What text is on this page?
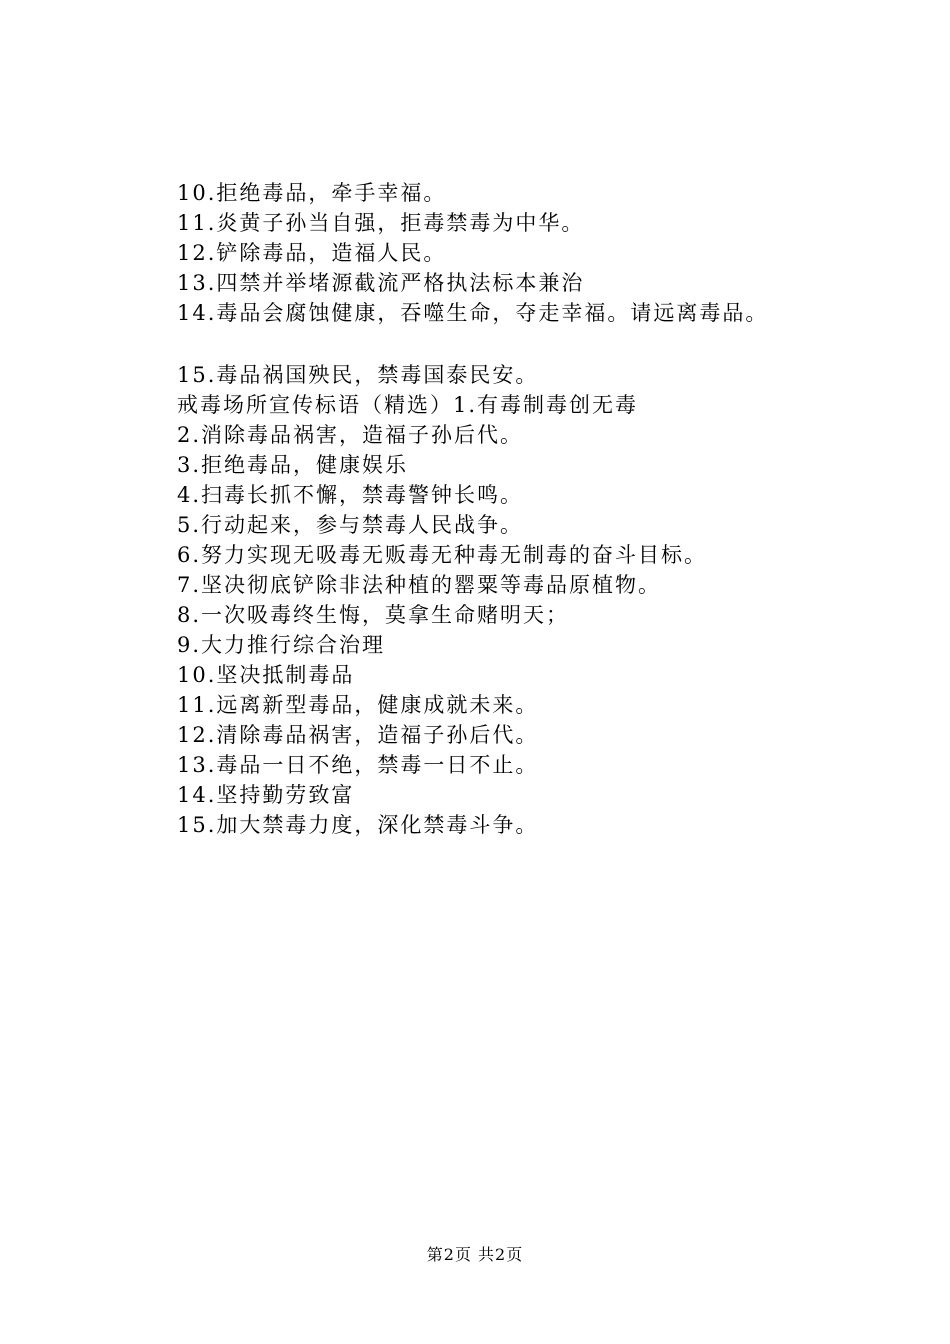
10.拒绝毒品，牵手幸福。
11.炎黄子孙当自强，拒毒禁毒为中华。
12.铲除毒品，造福人民。
13.四禁并举堵源截流严格执法标本兼治
14.毒品会腐蚀健康，吞噬生命，夺走幸福。请远离毒品。
15.毒品祸国殃民，禁毒国泰民安。
戒毒场所宣传标语（精选）1.有毒制毒创无毒
2.消除毒品祸害，造福子孙后代。
3.拒绝毒品，健康娱乐
4.扫毒长抓不懈，禁毒警钟长鸣。
5.行动起来，参与禁毒人民战争。
6.努力实现无吸毒无贩毒无种毒无制毒的奋斗目标。
7.坚决彻底铲除非法种植的罂粟等毒品原植物。
8.一次吸毒终生悔，莫拿生命赌明天；
9.大力推行综合治理
10.坚决抵制毒品
11.远离新型毒品，健康成就未来。
12.清除毒品祸害，造福子孙后代。
13.毒品一日不绝，禁毒一日不止。
14.坚持勤劳致富
15.加大禁毒力度，深化禁毒斗争。
第2页 共2页
